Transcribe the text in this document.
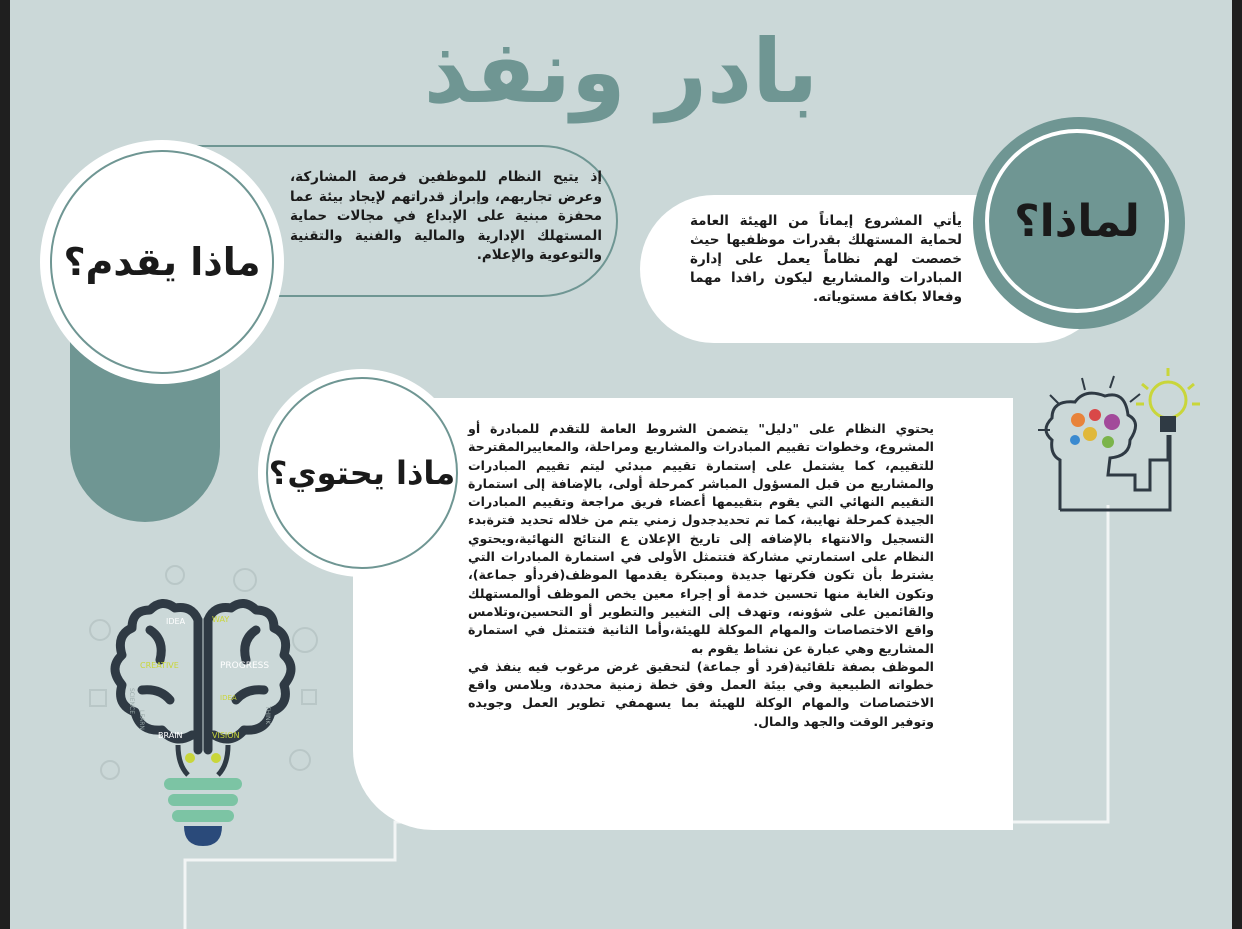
بادر ونفذ
لماذا؟
يأتي المشروع إيماناً من الهيئة العامة لحماية المستهلك بقدرات موظفيها حيث خصصت لهم نظاماً يعمل على إدارة المبادرات والمشاريع ليكون رافدا مهما وفعالا بكافة مستوياته.
ماذا يقدم؟
إذ يتيح النظام للموظفين فرصة المشاركة، وعرض تجاربهم، وإبراز قدراتهم لإيجاد بيئة عما محفزة مبنية على الإبداع في مجالات حماية المستهلك الإدارية والمالية والفنية والتقنية والتوعوية والإعلام.
ماذا يحتوي؟

يحتوي النظام على "دليل" يتضمن الشروط العامة للتقدم للمبادرة أو المشروع، وخطوات تقييم المبادرات والمشاريع ومراحلة، والمعاييرالمقترحة للتقييم، كما يشتمل على إستمارة تقييم مبدئي ليتم تقييم المبادرات والمشاريع من قبل المسؤول المباشر كمرحلة أولى، بالإضافة إلى استمارة التقييم النهائي التي يقوم بتقييمها أعضاء فريق مراجعة وتقييم المبادرات الجيدة كمرحلة نهايبة، كما تم تحديدجدول زمني يتم من خلاله تحديد فترةبدء التسجيل والانتهاء بالإضافه إلى تاريخ الإعلان ع النتائج النهائية،ويحتوي النظام على استمارتي مشاركة فتتمثل الأولى في استمارة المبادرات التي يشترط بأن تكون فكرتها جديدة ومبتكرة يقدمها الموظف(فردأو جماعة)، وتكون الغاية منها تحسين خدمة أو إجراء معين يخص الموظف أوالمستهلك والقائمين على شؤونه، وتهدف إلى التغيير والتطوير أو التحسين،وتلامس واقع الاختصاصات والمهام الموكلة للهيئة،وأما الثانية فتتمثل في استمارة المشاريع وهي عبارة عن نشاط يقوم به

الموظف بصفة تلقائية(فرد أو جماعة) لتحقيق غرض مرغوب فيه ينفذ في خطواته الطبيعية وفي بيئة العمل وفق خطة زمنية محددة، ويلامس واقع الاختصاصات والمهام الوكلة للهيئة بما يسهمفي تطوير العمل وجويده وتوفير الوقت والجهد والمال.

IDEA	WAY
CREATIVE	PROGRESS
BRAIN	VISION
IDEA
SCIENCE
LEARN	THINK
